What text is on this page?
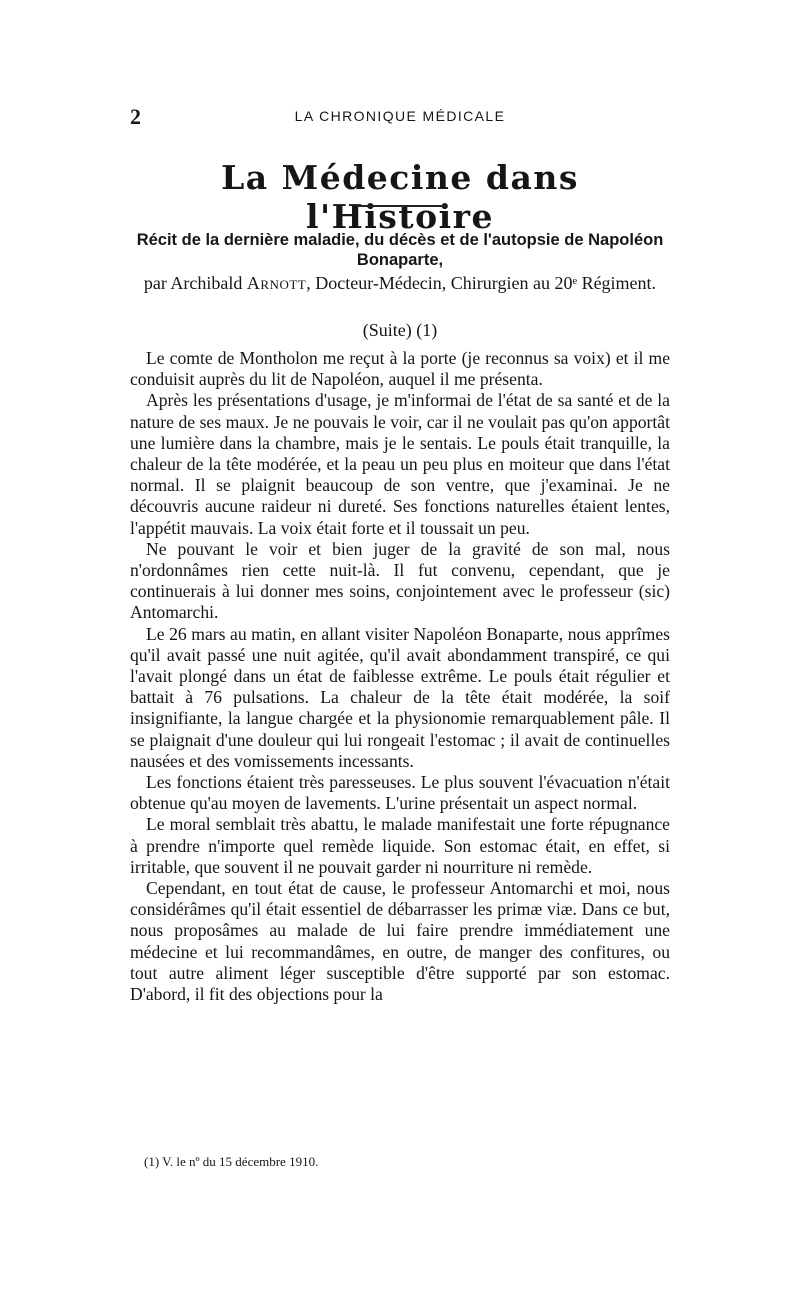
2	LA CHRONIQUE MÉDICALE
La Médecine dans l'Histoire
Récit de la dernière maladie, du décès et de l'autopsie de Napoléon Bonaparte,
par Archibald Arnott, Docteur-Médecin, Chirurgien au 20ᵉ Régiment.
(Suite) (1)

Le comte de Montholon me reçut à la porte (je reconnus sa voix) et il me conduisit auprès du lit de Napoléon, auquel il me présenta.

Après les présentations d'usage, je m'informai de l'état de sa santé et de la nature de ses maux. Je ne pouvais le voir, car il ne voulait pas qu'on apportât une lumière dans la chambre, mais je le sentais. Le pouls était tranquille, la chaleur de la tête modérée, et la peau un peu plus en moiteur que dans l'état normal. Il se plaignit beaucoup de son ventre, que j'examinai. Je ne découvris aucune raideur ni dureté. Ses fonctions naturelles étaient lentes, l'appétit mauvais. La voix était forte et il toussait un peu.

Ne pouvant le voir et bien juger de la gravité de son mal, nous n'ordonnâmes rien cette nuit-là. Il fut convenu, cependant, que je continuerais à lui donner mes soins, conjointement avec le professeur (sic) Antomarchi.

Le 26 mars au matin, en allant visiter Napoléon Bonaparte, nous apprîmes qu'il avait passé une nuit agitée, qu'il avait abondamment transpiré, ce qui l'avait plongé dans un état de faiblesse extrême. Le pouls était régulier et battait à 76 pulsations. La chaleur de la tête était modérée, la soif insignifiante, la langue chargée et la physionomie remarquablement pâle. Il se plaignait d'une douleur qui lui rongeait l'estomac ; il avait de continuelles nausées et des vomissements incessants.

Les fonctions étaient très paresseuses. Le plus souvent l'évacuation n'était obtenue qu'au moyen de lavements. L'urine présentait un aspect normal.

Le moral semblait très abattu, le malade manifestait une forte répugnance à prendre n'importe quel remède liquide. Son estomac était, en effet, si irritable, que souvent il ne pouvait garder ni nourriture ni remède.

Cependant, en tout état de cause, le professeur Antomarchi et moi, nous considérâmes qu'il était essentiel de débarrasser les primæ viæ. Dans ce but, nous proposâmes au malade de lui faire prendre immédiatement une médecine et lui recommandâmes, en outre, de manger des confitures, ou tout autre aliment léger susceptible d'être supporté par son estomac. D'abord, il fit des objections pour la

(1) V. le nº du 15 décembre 1910.
